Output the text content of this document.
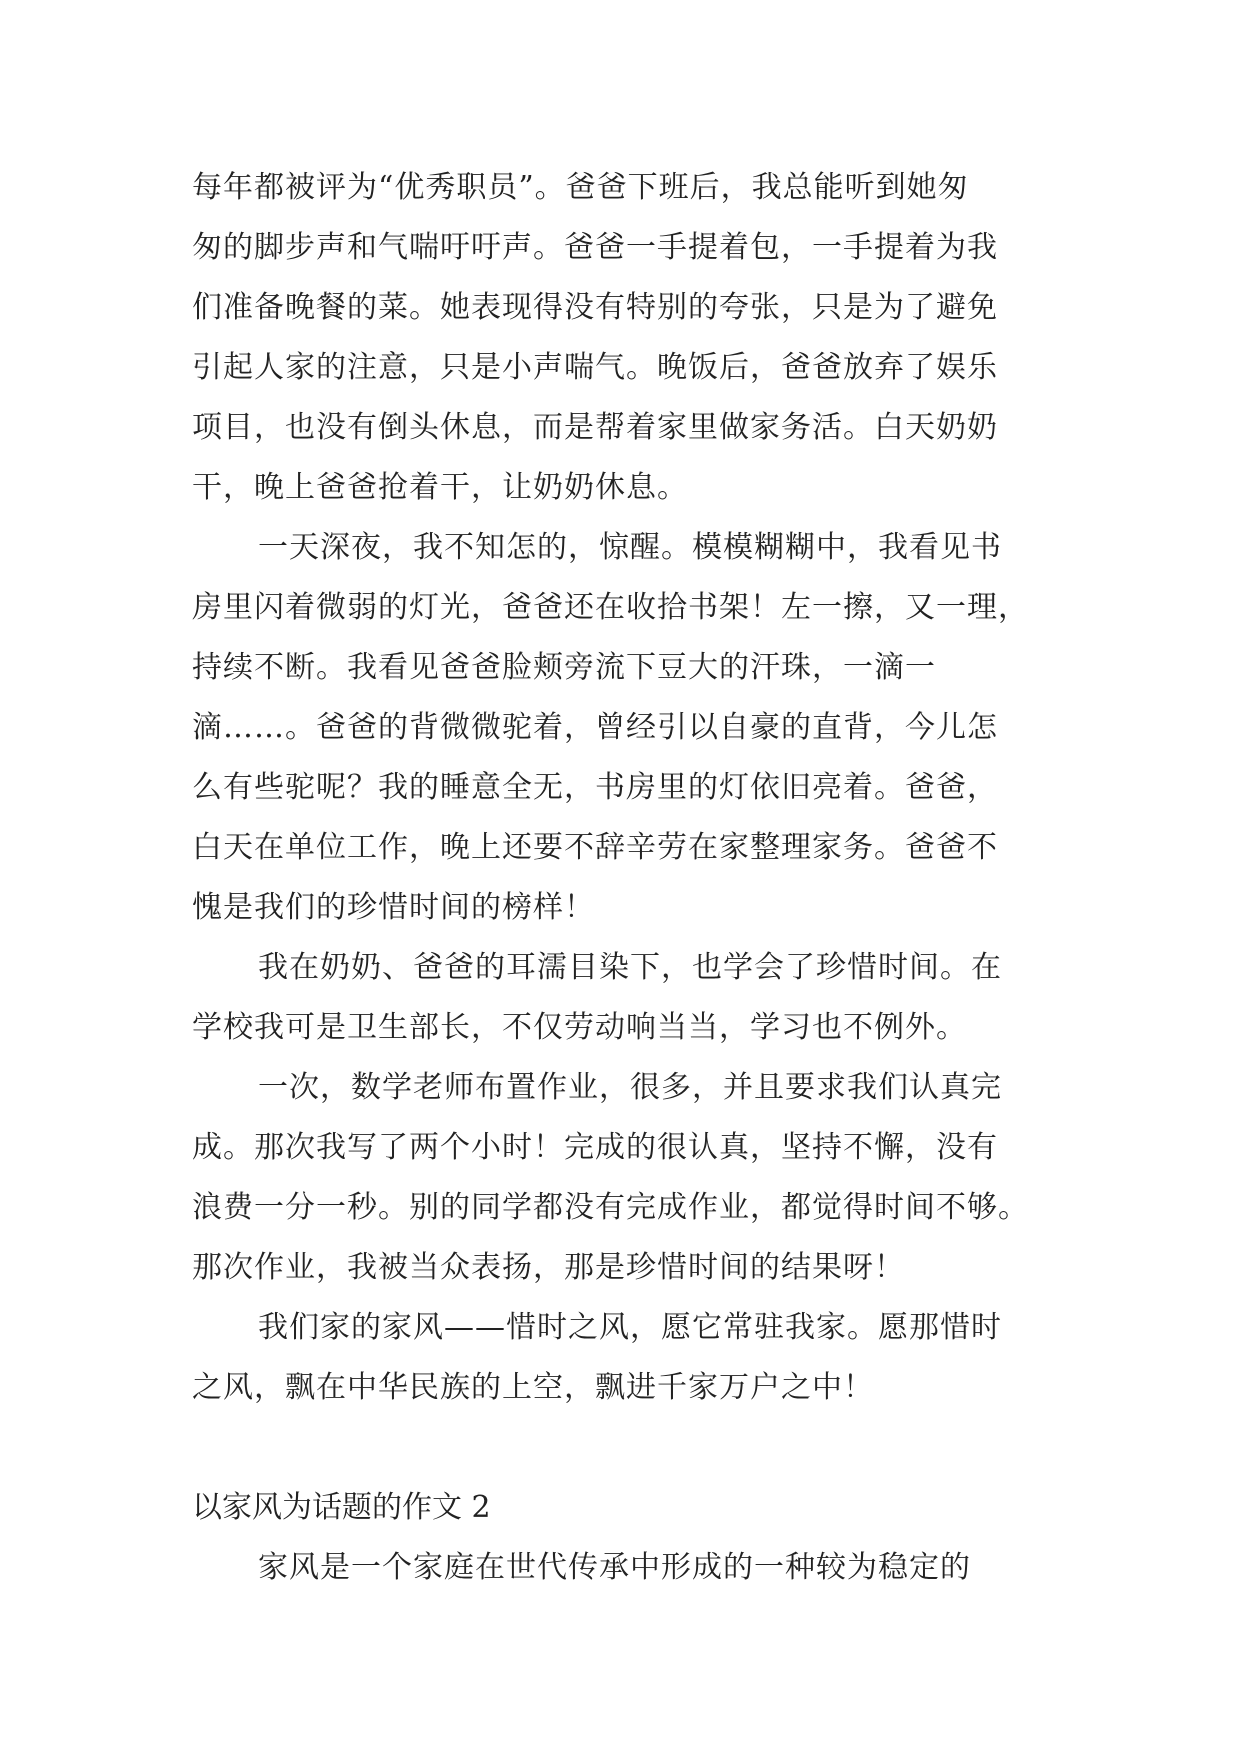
每年都被评为“优秀职员”。爸爸下班后，我总能听到她匆
匆的脚步声和气喘吁吁声。爸爸一手提着包，一手提着为我
们准备晚餐的菜。她表现得没有特别的夸张，只是为了避免
引起人家的注意，只是小声喘气。晚饭后，爸爸放弃了娱乐
项目，也没有倒头休息，而是帮着家里做家务活。白天奶奶
干，晚上爸爸抢着干，让奶奶休息。
一天深夜，我不知怎的，惊醒。模模糊糊中，我看见书
房里闪着微弱的灯光，爸爸还在收拾书架！左一擦，又一理，
持续不断。我看见爸爸脸颊旁流下豆大的汗珠，一滴一
滴……。爸爸的背微微驼着，曾经引以自豪的直背，今儿怎
么有些驼呢？我的睡意全无，书房里的灯依旧亮着。爸爸，
白天在单位工作，晚上还要不辞辛劳在家整理家务。爸爸不
愧是我们的珍惜时间的榜样！
我在奶奶、爸爸的耳濡目染下，也学会了珍惜时间。在
学校我可是卫生部长，不仅劳动响当当，学习也不例外。
一次，数学老师布置作业，很多，并且要求我们认真完
成。那次我写了两个小时！完成的很认真，坚持不懈，没有
浪费一分一秒。别的同学都没有完成作业，都觉得时间不够。
那次作业，我被当众表扬，那是珍惜时间的结果呀！
我们家的家风——惜时之风，愿它常驻我家。愿那惜时
之风，飘在中华民族的上空，飘进千家万户之中！
以家风为话题的作文 2
家风是一个家庭在世代传承中形成的一种较为稳定的
